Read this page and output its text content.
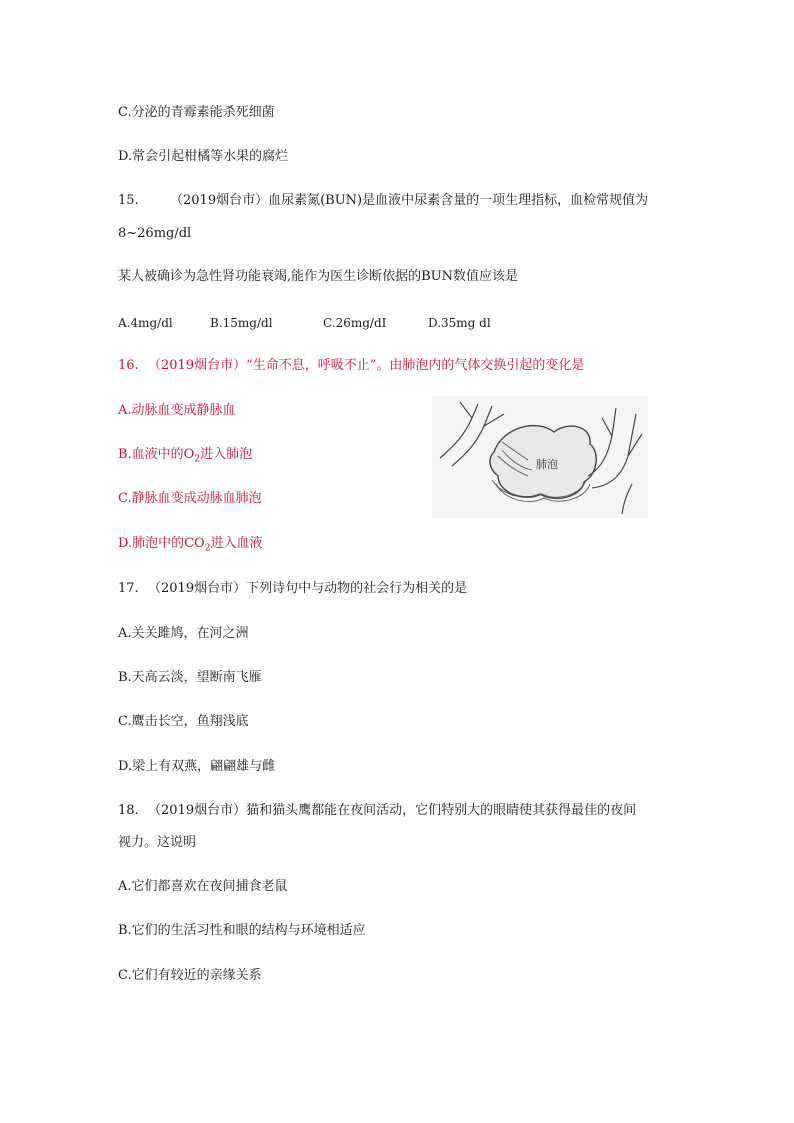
C.分泌的青霉素能杀死细菌
D.常会引起柑橘等水果的腐烂
15. （2019烟台市）血尿素氮(BUN)是血液中尿素含量的一项生理指标，血检常规值为
8~26mg/dl
某人被确诊为急性肾功能衰竭,能作为医生诊断依据的BUN数值应该是
A.4mg/dl	B.15mg/dl	C.26mg/dI	D.35mg dl
16. （2019烟台市）“生命不息，呼吸不止”。由肺泡内的气体交换引起的变化是
A.动脉血变成静脉血
B.血液中的$O_2$进入肺泡
C.静脉血变成动脉血肺泡
D.肺泡中的$CO_2$进入血液
肺泡
17. （2019烟台市）下列诗句中与动物的社会行为相关的是
A.关关雎鸠，在河之洲
B.天高云淡，望断南飞雁
C.鹰击长空，鱼翔浅底
D.梁上有双燕，翩翩雄与雌
18. （2019烟台市）猫和猫头鹰都能在夜间活动，它们特别大的眼睛使其获得最佳的夜间
视力。这说明
A.它们都喜欢在夜间捕食老鼠
B.它们的生活习性和眼的结构与环境相适应
C.它们有较近的亲缘关系
